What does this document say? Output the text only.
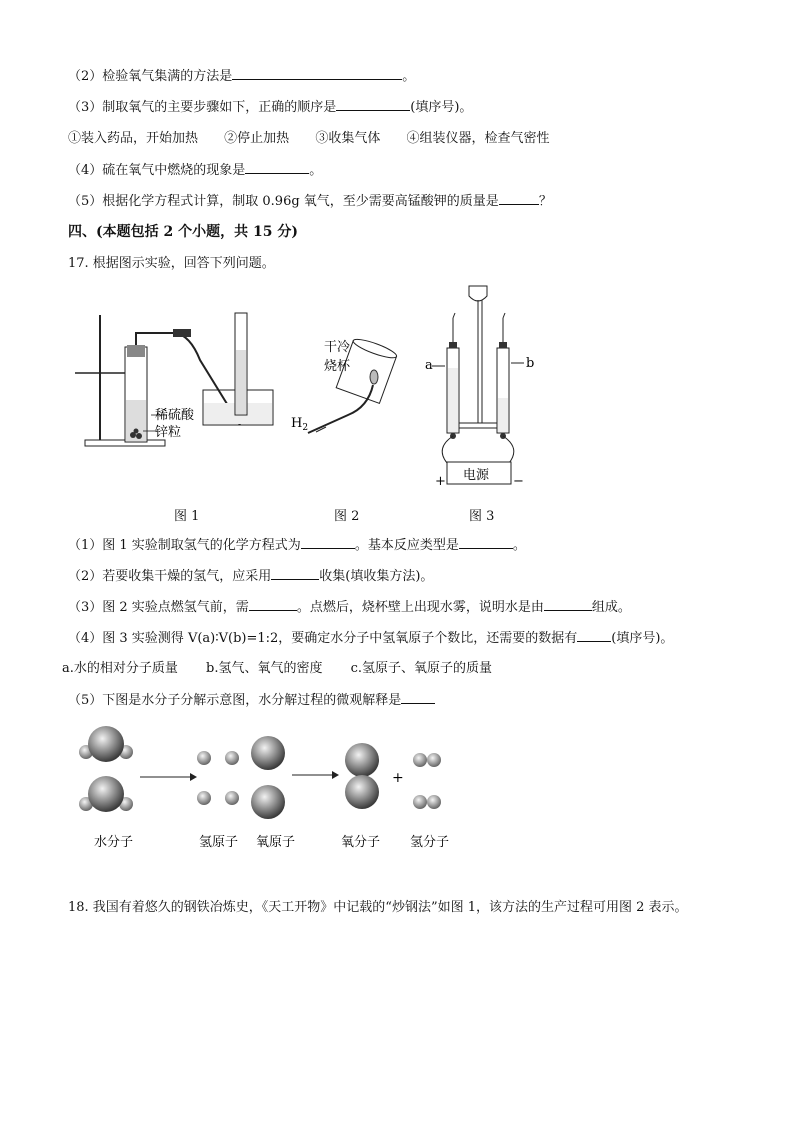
（2）检验氧气集满的方法是	。
（3）制取氧气的主要步骤如下，正确的顺序是	(填序号)。
①装入药品，开始加热 ②停止加热 ③收集气体 ④组装仪器，检查气密性
（4）硫在氧气中燃烧的现象是	。
（5）根据化学方程式计算，制取 0.96g 氧气，至少需要高锰酸钾的质量是	？
四、(本题包括 2 个小题，共 15 分)
17. 根据图示实验，回答下列问题。
稀硫酸
锌粒
图 1
干冷
烧杯
$H_2$
图 2
a	b
电源
+	−
图 3
（1）图 1 实验制取氢气的化学方程式为	。基本反应类型是	。
（2）若要收集干燥的氢气，应采用	收集(填收集方法)。
（3）图 2 实验点燃氢气前，需	。点燃后，烧杯壁上出现水雾，说明水是由	组成。
（4）图 3 实验测得 V(a)∶V(b)=1:2，要确定水分子中氢氧原子个数比，还需要的数据有	(填序号)。
a.水的相对分子质量 b.氢气、氧气的密度 c.氢原子、氧原子的质量
（5）下图是水分子分解示意图，水分解过程的微观解释是
+
水分子	氢原子 氧原子	氧分子 氢分子
18. 我国有着悠久的钢铁冶炼史，《天工开物》中记载的“炒钢法”如图 1，该方法的生产过程可用图 2 表示。
